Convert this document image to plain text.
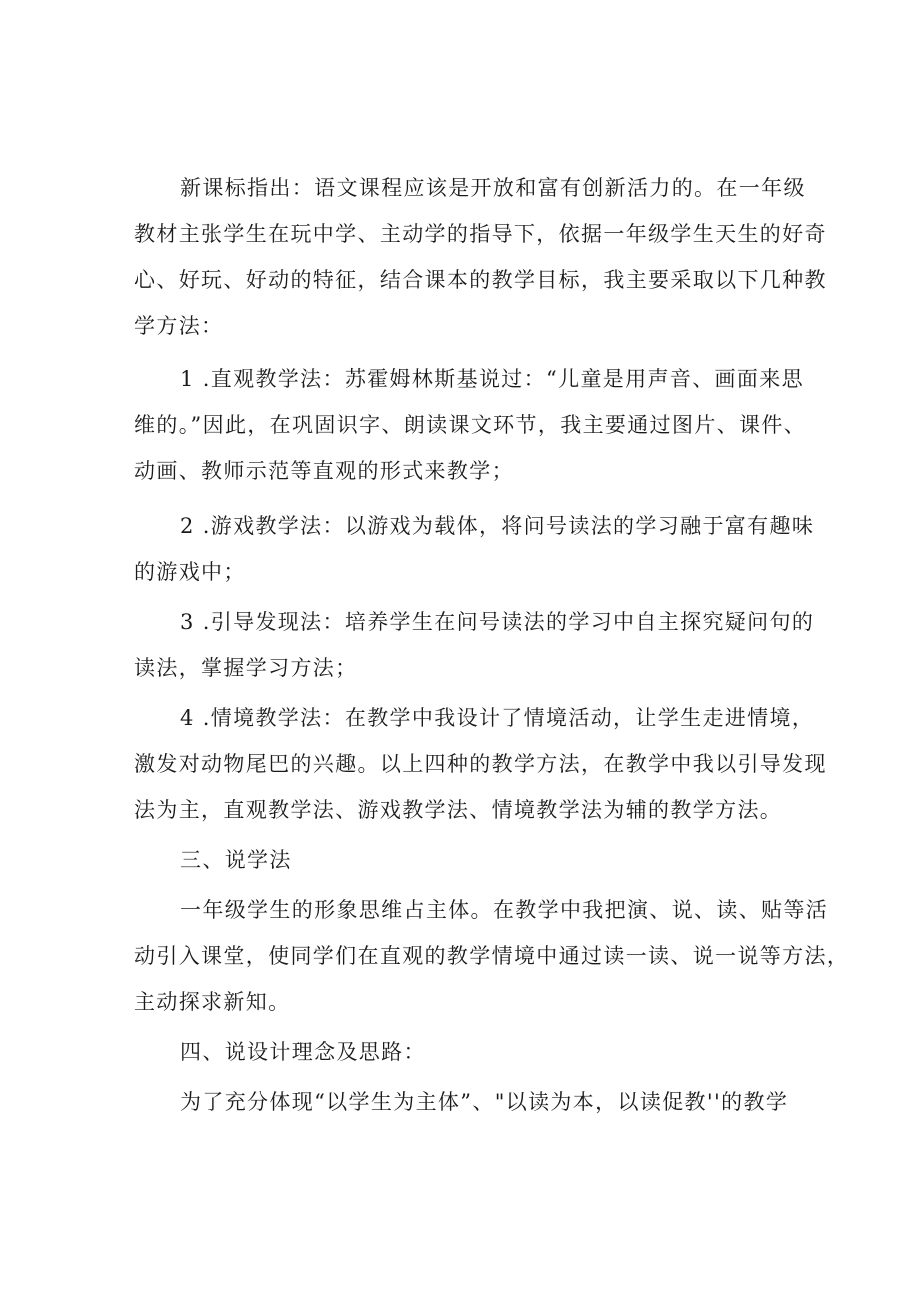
新课标指出：语文课程应该是开放和富有创新活力的。在一年级
教材主张学生在玩中学、主动学的指导下，依据一年级学生天生的好奇
心、好玩、好动的特征，结合课本的教学目标，我主要采取以下几种教
学方法：
1 .直观教学法：苏霍姆林斯基说过：“儿童是用声音、画面来思
维的。”因此，在巩固识字、朗读课文环节，我主要通过图片、课件、
动画、教师示范等直观的形式来教学；
2 .游戏教学法：以游戏为载体，将问号读法的学习融于富有趣味
的游戏中；
3 .引导发现法：培养学生在问号读法的学习中自主探究疑问句的
读法，掌握学习方法；
4 .情境教学法：在教学中我设计了情境活动，让学生走进情境，
激发对动物尾巴的兴趣。以上四种的教学方法，在教学中我以引导发现
法为主，直观教学法、游戏教学法、情境教学法为辅的教学方法。
三、说学法
一年级学生的形象思维占主体。在教学中我把演、说、读、贴等活
动引入课堂，使同学们在直观的教学情境中通过读一读、说一说等方法，
主动探求新知。
四、说设计理念及思路：
为了充分体现“以学生为主体”、"以读为本，以读促教''的教学
